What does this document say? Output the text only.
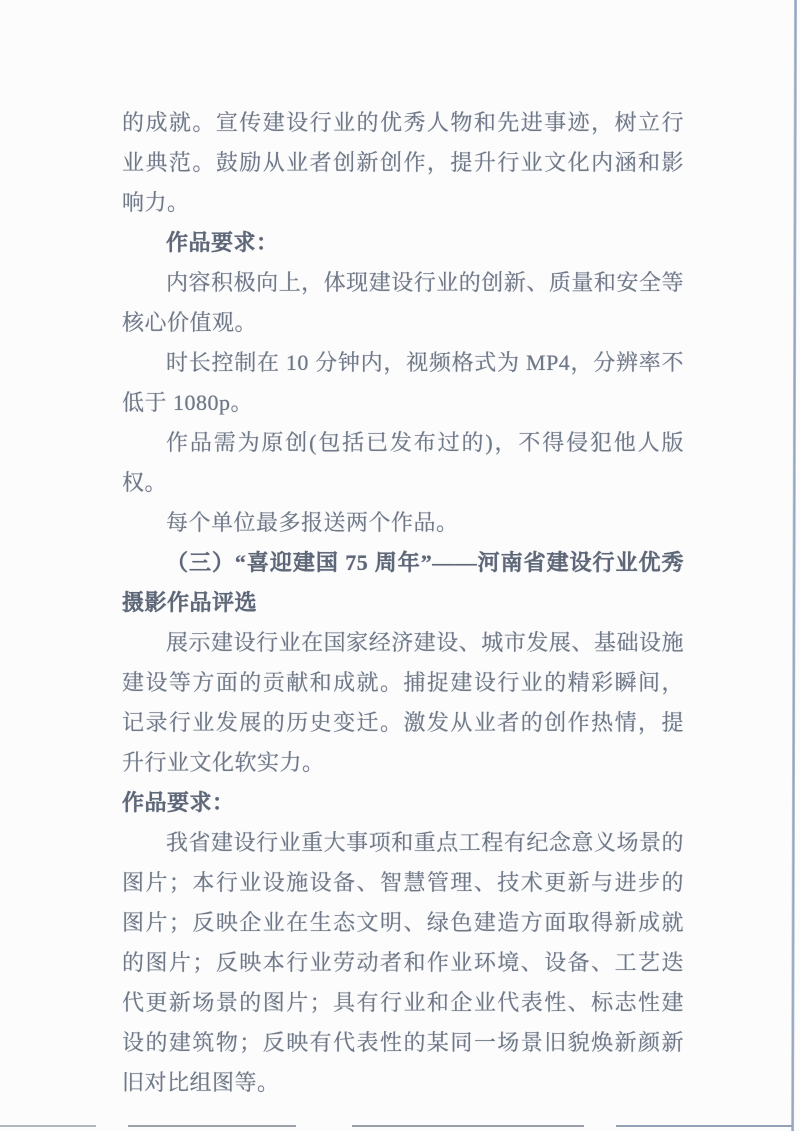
的成就。宣传建设行业的优秀人物和先进事迹，树立行业典范。鼓励从业者创新创作，提升行业文化内涵和影响力。

作品要求：

内容积极向上，体现建设行业的创新、质量和安全等核心价值观。

时长控制在 10 分钟内，视频格式为 MP4，分辨率不低于 1080p。

作品需为原创(包括已发布过的)，不得侵犯他人版权。

每个单位最多报送两个作品。

（三）“喜迎建国 75 周年”——河南省建设行业优秀摄影作品评选

展示建设行业在国家经济建设、城市发展、基础设施建设等方面的贡献和成就。捕捉建设行业的精彩瞬间，记录行业发展的历史变迁。激发从业者的创作热情，提升行业文化软实力。

作品要求：

我省建设行业重大事项和重点工程有纪念意义场景的图片；本行业设施设备、智慧管理、技术更新与进步的图片；反映企业在生态文明、绿色建造方面取得新成就的图片；反映本行业劳动者和作业环境、设备、工艺迭代更新场景的图片；具有行业和企业代表性、标志性建设的建筑物；反映有代表性的某同一场景旧貌焕新颜新旧对比组图等。
